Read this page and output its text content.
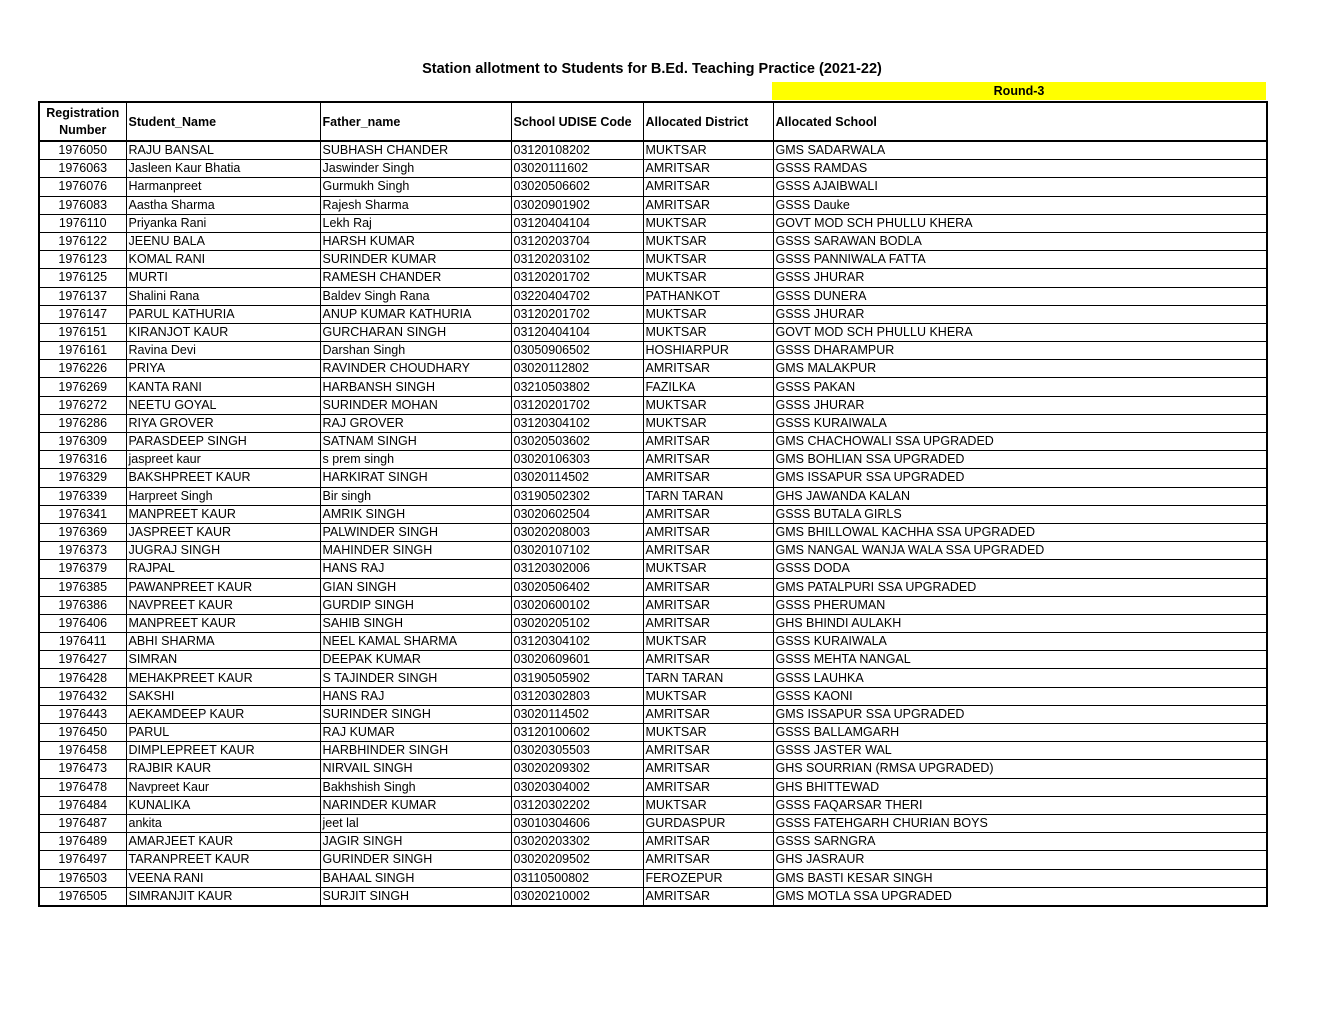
Station allotment to Students for B.Ed. Teaching Practice (2021-22)
Round-3
Registration
Number	Student_Name	Father_name	School UDISE Code	Allocated District	Allocated School
1976050	RAJU BANSAL	SUBHASH CHANDER	03120108202	MUKTSAR	GMS SADARWALA
1976063	Jasleen Kaur Bhatia	Jaswinder Singh	03020111602	AMRITSAR	GSSS RAMDAS
1976076	Harmanpreet	Gurmukh Singh	03020506602	AMRITSAR	GSSS AJAIBWALI
1976083	Aastha Sharma	Rajesh Sharma	03020901902	AMRITSAR	GSSS Dauke
1976110	Priyanka Rani	Lekh Raj	03120404104	MUKTSAR	GOVT MOD SCH PHULLU KHERA
1976122	JEENU BALA	HARSH KUMAR	03120203704	MUKTSAR	GSSS SARAWAN BODLA
1976123	KOMAL RANI	SURINDER KUMAR	03120203102	MUKTSAR	GSSS PANNIWALA FATTA
1976125	MURTI	RAMESH CHANDER	03120201702	MUKTSAR	GSSS JHURAR
1976137	Shalini Rana	Baldev Singh Rana	03220404702	PATHANKOT	GSSS DUNERA
1976147	PARUL KATHURIA	ANUP KUMAR KATHURIA	03120201702	MUKTSAR	GSSS JHURAR
1976151	KIRANJOT KAUR	GURCHARAN SINGH	03120404104	MUKTSAR	GOVT MOD SCH PHULLU KHERA
1976161	Ravina Devi	Darshan Singh	03050906502	HOSHIARPUR	GSSS DHARAMPUR
1976226	PRIYA	RAVINDER CHOUDHARY	03020112802	AMRITSAR	GMS MALAKPUR
1976269	KANTA RANI	HARBANSH SINGH	03210503802	FAZILKA	GSSS PAKAN
1976272	NEETU GOYAL	SURINDER MOHAN	03120201702	MUKTSAR	GSSS JHURAR
1976286	RIYA GROVER	RAJ GROVER	03120304102	MUKTSAR	GSSS KURAIWALA
1976309	PARASDEEP SINGH	SATNAM SINGH	03020503602	AMRITSAR	GMS CHACHOWALI SSA UPGRADED
1976316	jaspreet kaur	s prem singh	03020106303	AMRITSAR	GMS BOHLIAN SSA UPGRADED
1976329	BAKSHPREET KAUR	HARKIRAT SINGH	03020114502	AMRITSAR	GMS ISSAPUR SSA UPGRADED
1976339	Harpreet Singh	Bir singh	03190502302	TARN TARAN	GHS JAWANDA KALAN
1976341	MANPREET KAUR	AMRIK SINGH	03020602504	AMRITSAR	GSSS BUTALA GIRLS
1976369	JASPREET KAUR	PALWINDER SINGH	03020208003	AMRITSAR	GMS BHILLOWAL KACHHA SSA UPGRADED
1976373	JUGRAJ SINGH	MAHINDER SINGH	03020107102	AMRITSAR	GMS NANGAL WANJA WALA SSA UPGRADED
1976379	RAJPAL	HANS RAJ	03120302006	MUKTSAR	GSSS DODA
1976385	PAWANPREET KAUR	GIAN SINGH	03020506402	AMRITSAR	GMS PATALPURI SSA UPGRADED
1976386	NAVPREET KAUR	GURDIP SINGH	03020600102	AMRITSAR	GSSS PHERUMAN
1976406	MANPREET KAUR	SAHIB SINGH	03020205102	AMRITSAR	GHS BHINDI AULAKH
1976411	ABHI SHARMA	NEEL KAMAL SHARMA	03120304102	MUKTSAR	GSSS KURAIWALA
1976427	SIMRAN	DEEPAK KUMAR	03020609601	AMRITSAR	GSSS MEHTA NANGAL
1976428	MEHAKPREET KAUR	S TAJINDER SINGH	03190505902	TARN TARAN	GSSS LAUHKA
1976432	SAKSHI	HANS RAJ	03120302803	MUKTSAR	GSSS KAONI
1976443	AEKAMDEEP KAUR	SURINDER SINGH	03020114502	AMRITSAR	GMS ISSAPUR SSA UPGRADED
1976450	PARUL	RAJ KUMAR	03120100602	MUKTSAR	GSSS BALLAMGARH
1976458	DIMPLEPREET KAUR	HARBHINDER SINGH	03020305503	AMRITSAR	GSSS JASTER WAL
1976473	RAJBIR KAUR	NIRVAIL SINGH	03020209302	AMRITSAR	GHS SOURRIAN (RMSA UPGRADED)
1976478	Navpreet Kaur	Bakhshish Singh	03020304002	AMRITSAR	GHS BHITTEWAD
1976484	KUNALIKA	NARINDER KUMAR	03120302202	MUKTSAR	GSSS FAQARSAR THERI
1976487	ankita	jeet lal	03010304606	GURDASPUR	GSSS FATEHGARH CHURIAN BOYS
1976489	AMARJEET KAUR	JAGIR SINGH	03020203302	AMRITSAR	GSSS SARNGRA
1976497	TARANPREET KAUR	GURINDER SINGH	03020209502	AMRITSAR	GHS JASRAUR
1976503	VEENA RANI	BAHAAL SINGH	03110500802	FEROZEPUR	GMS BASTI KESAR SINGH
1976505	SIMRANJIT KAUR	SURJIT SINGH	03020210002	AMRITSAR	GMS MOTLA SSA UPGRADED
